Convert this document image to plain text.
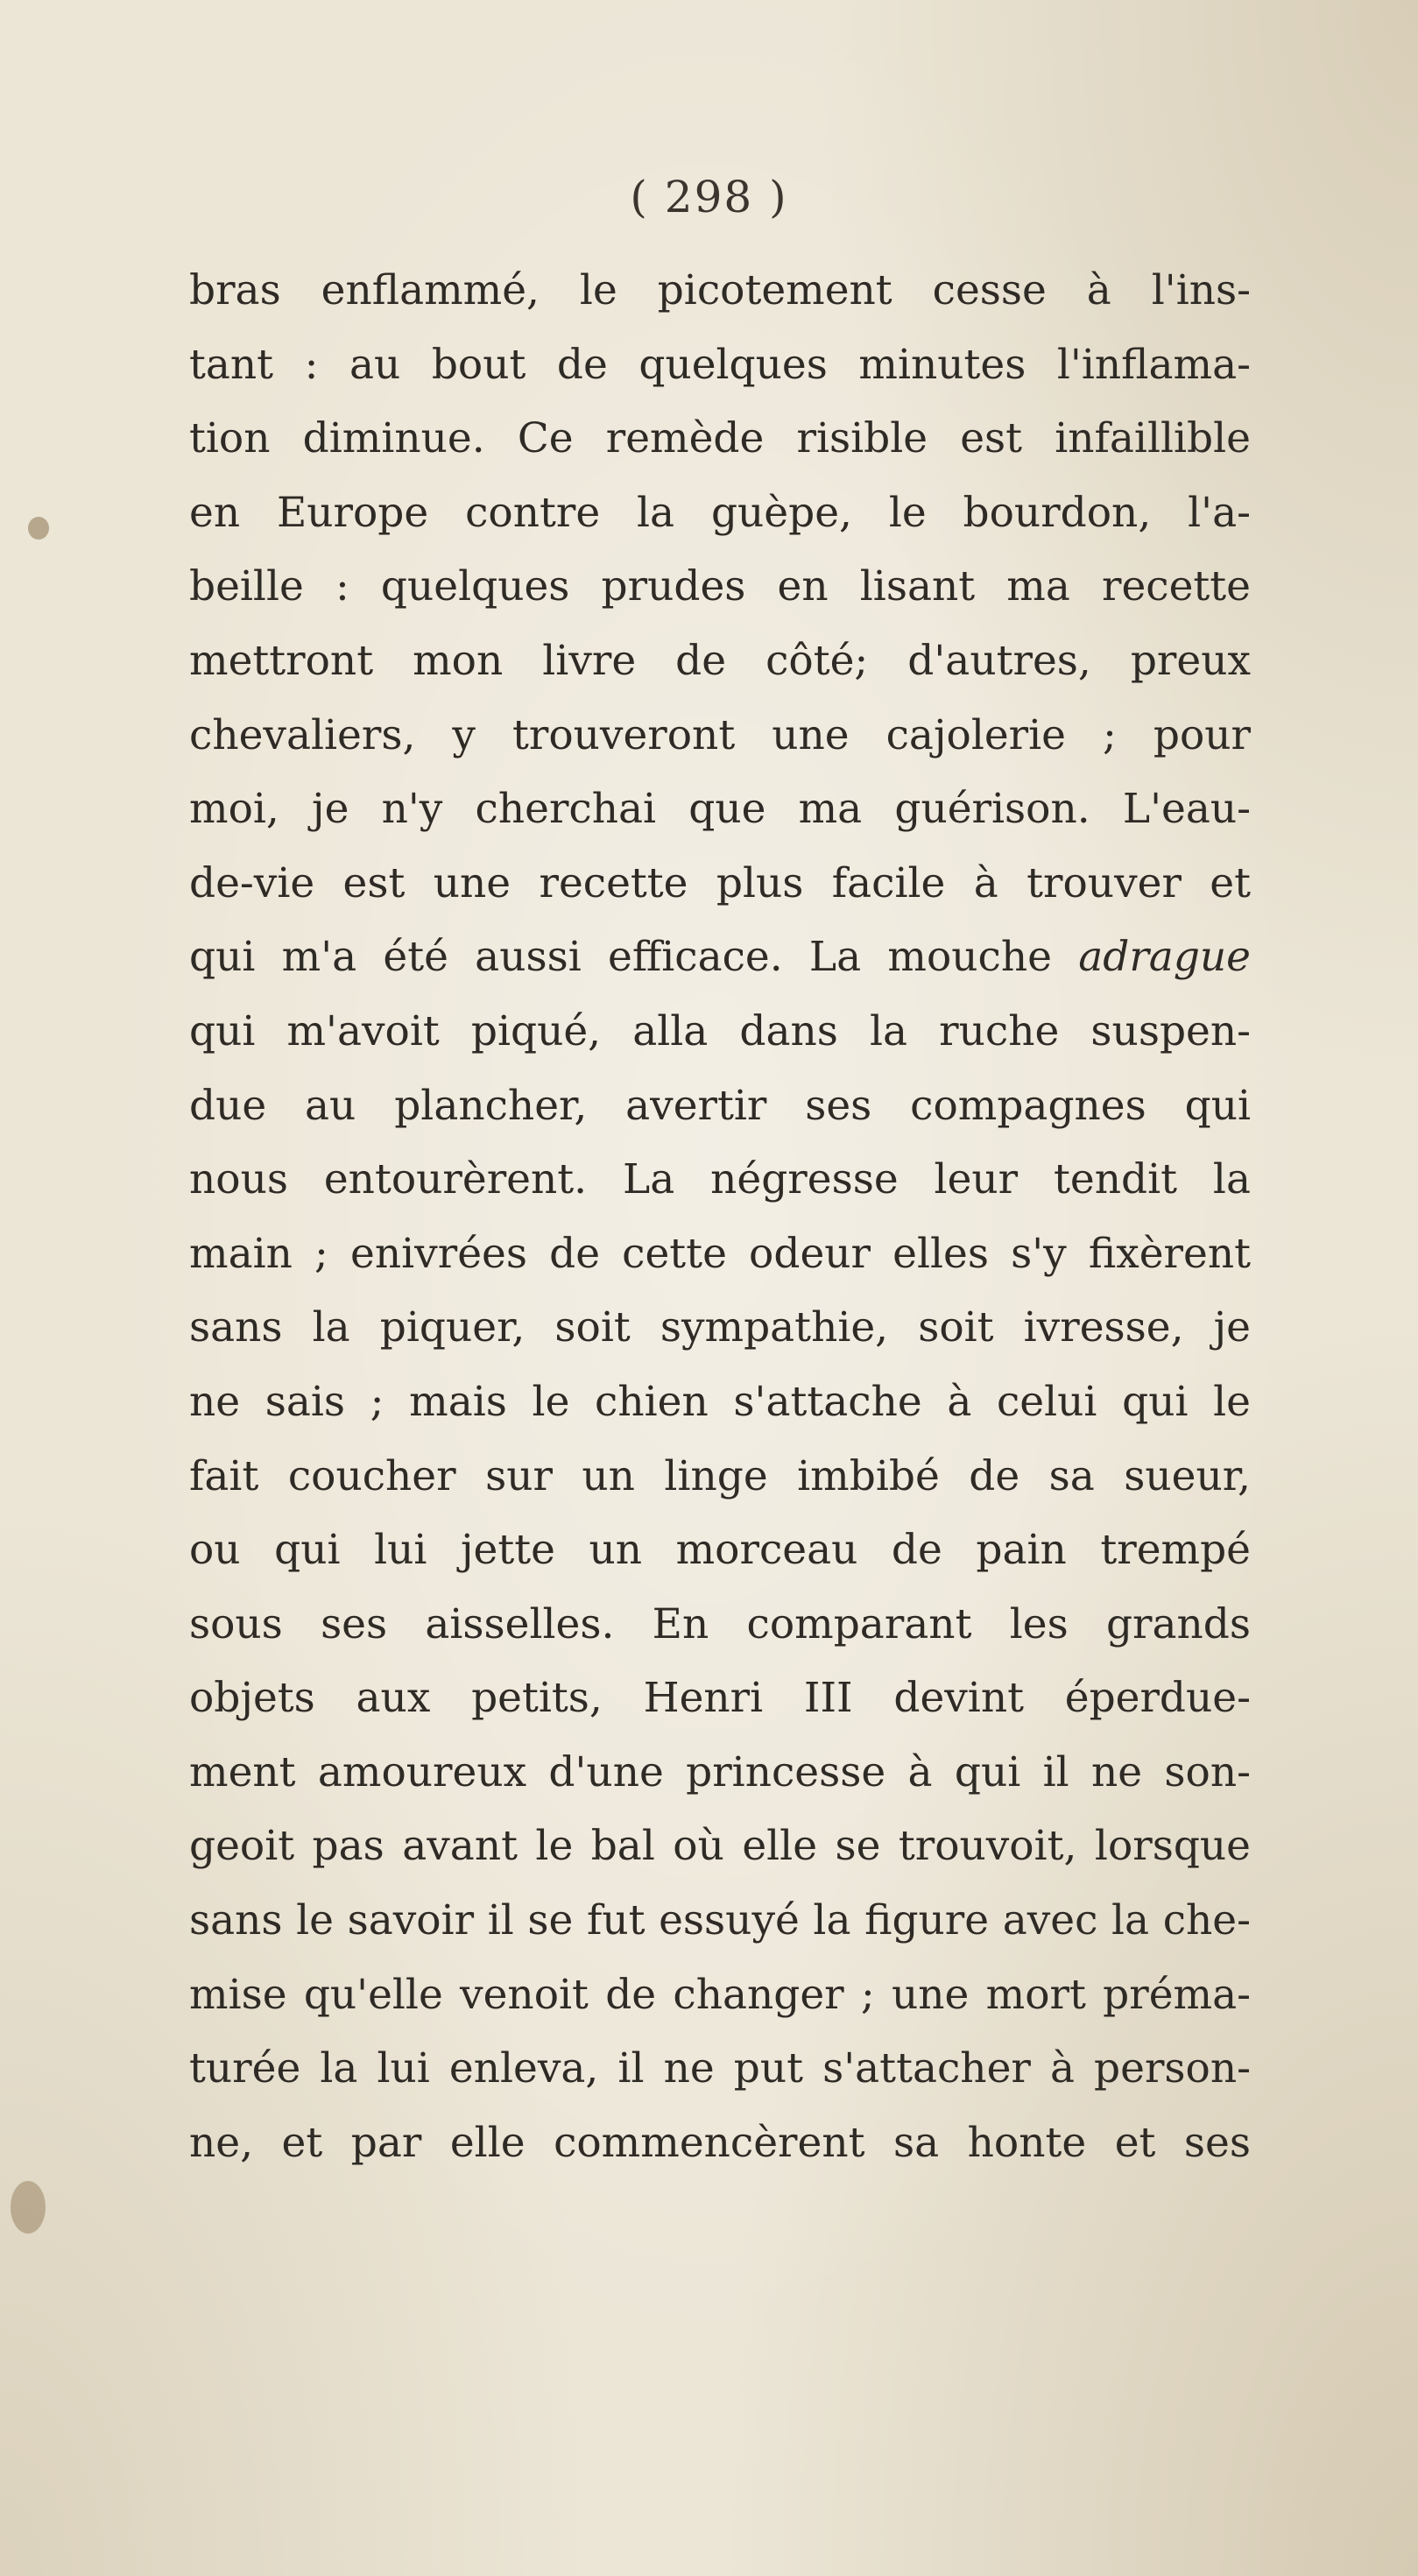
( 298 )
bras enflammé, le picotement cesse à l'ins-
tant : au bout de quelques minutes l'inflama-
tion diminue. Ce remède risible est infaillible
en Europe contre la guèpe, le bourdon, l'a-
beille : quelques prudes en lisant ma recette
mettront mon livre de côté; d'autres, preux
chevaliers, y trouveront une cajolerie ; pour
moi, je n'y cherchai que ma guérison. L'eau-
de-vie est une recette plus facile à trouver et
qui m'a été aussi efficace. La mouche adrague
qui m'avoit piqué, alla dans la ruche suspen-
due au plancher, avertir ses compagnes qui
nous entourèrent. La négresse leur tendit la
main ; enivrées de cette odeur elles s'y fixèrent
sans la piquer, soit sympathie, soit ivresse, je
ne sais ; mais le chien s'attache à celui qui le
fait coucher sur un linge imbibé de sa sueur,
ou qui lui jette un morceau de pain trempé
sous ses aisselles. En comparant les grands
objets aux petits, Henri III devint éperdue-
ment amoureux d'une princesse à qui il ne son-
geoit pas avant le bal où elle se trouvoit, lorsque
sans le savoir il se fut essuyé la figure avec la che-
mise qu'elle venoit de changer ; une mort préma-
turée la lui enleva, il ne put s'attacher à person-
ne, et par elle commencèrent sa honte et ses
